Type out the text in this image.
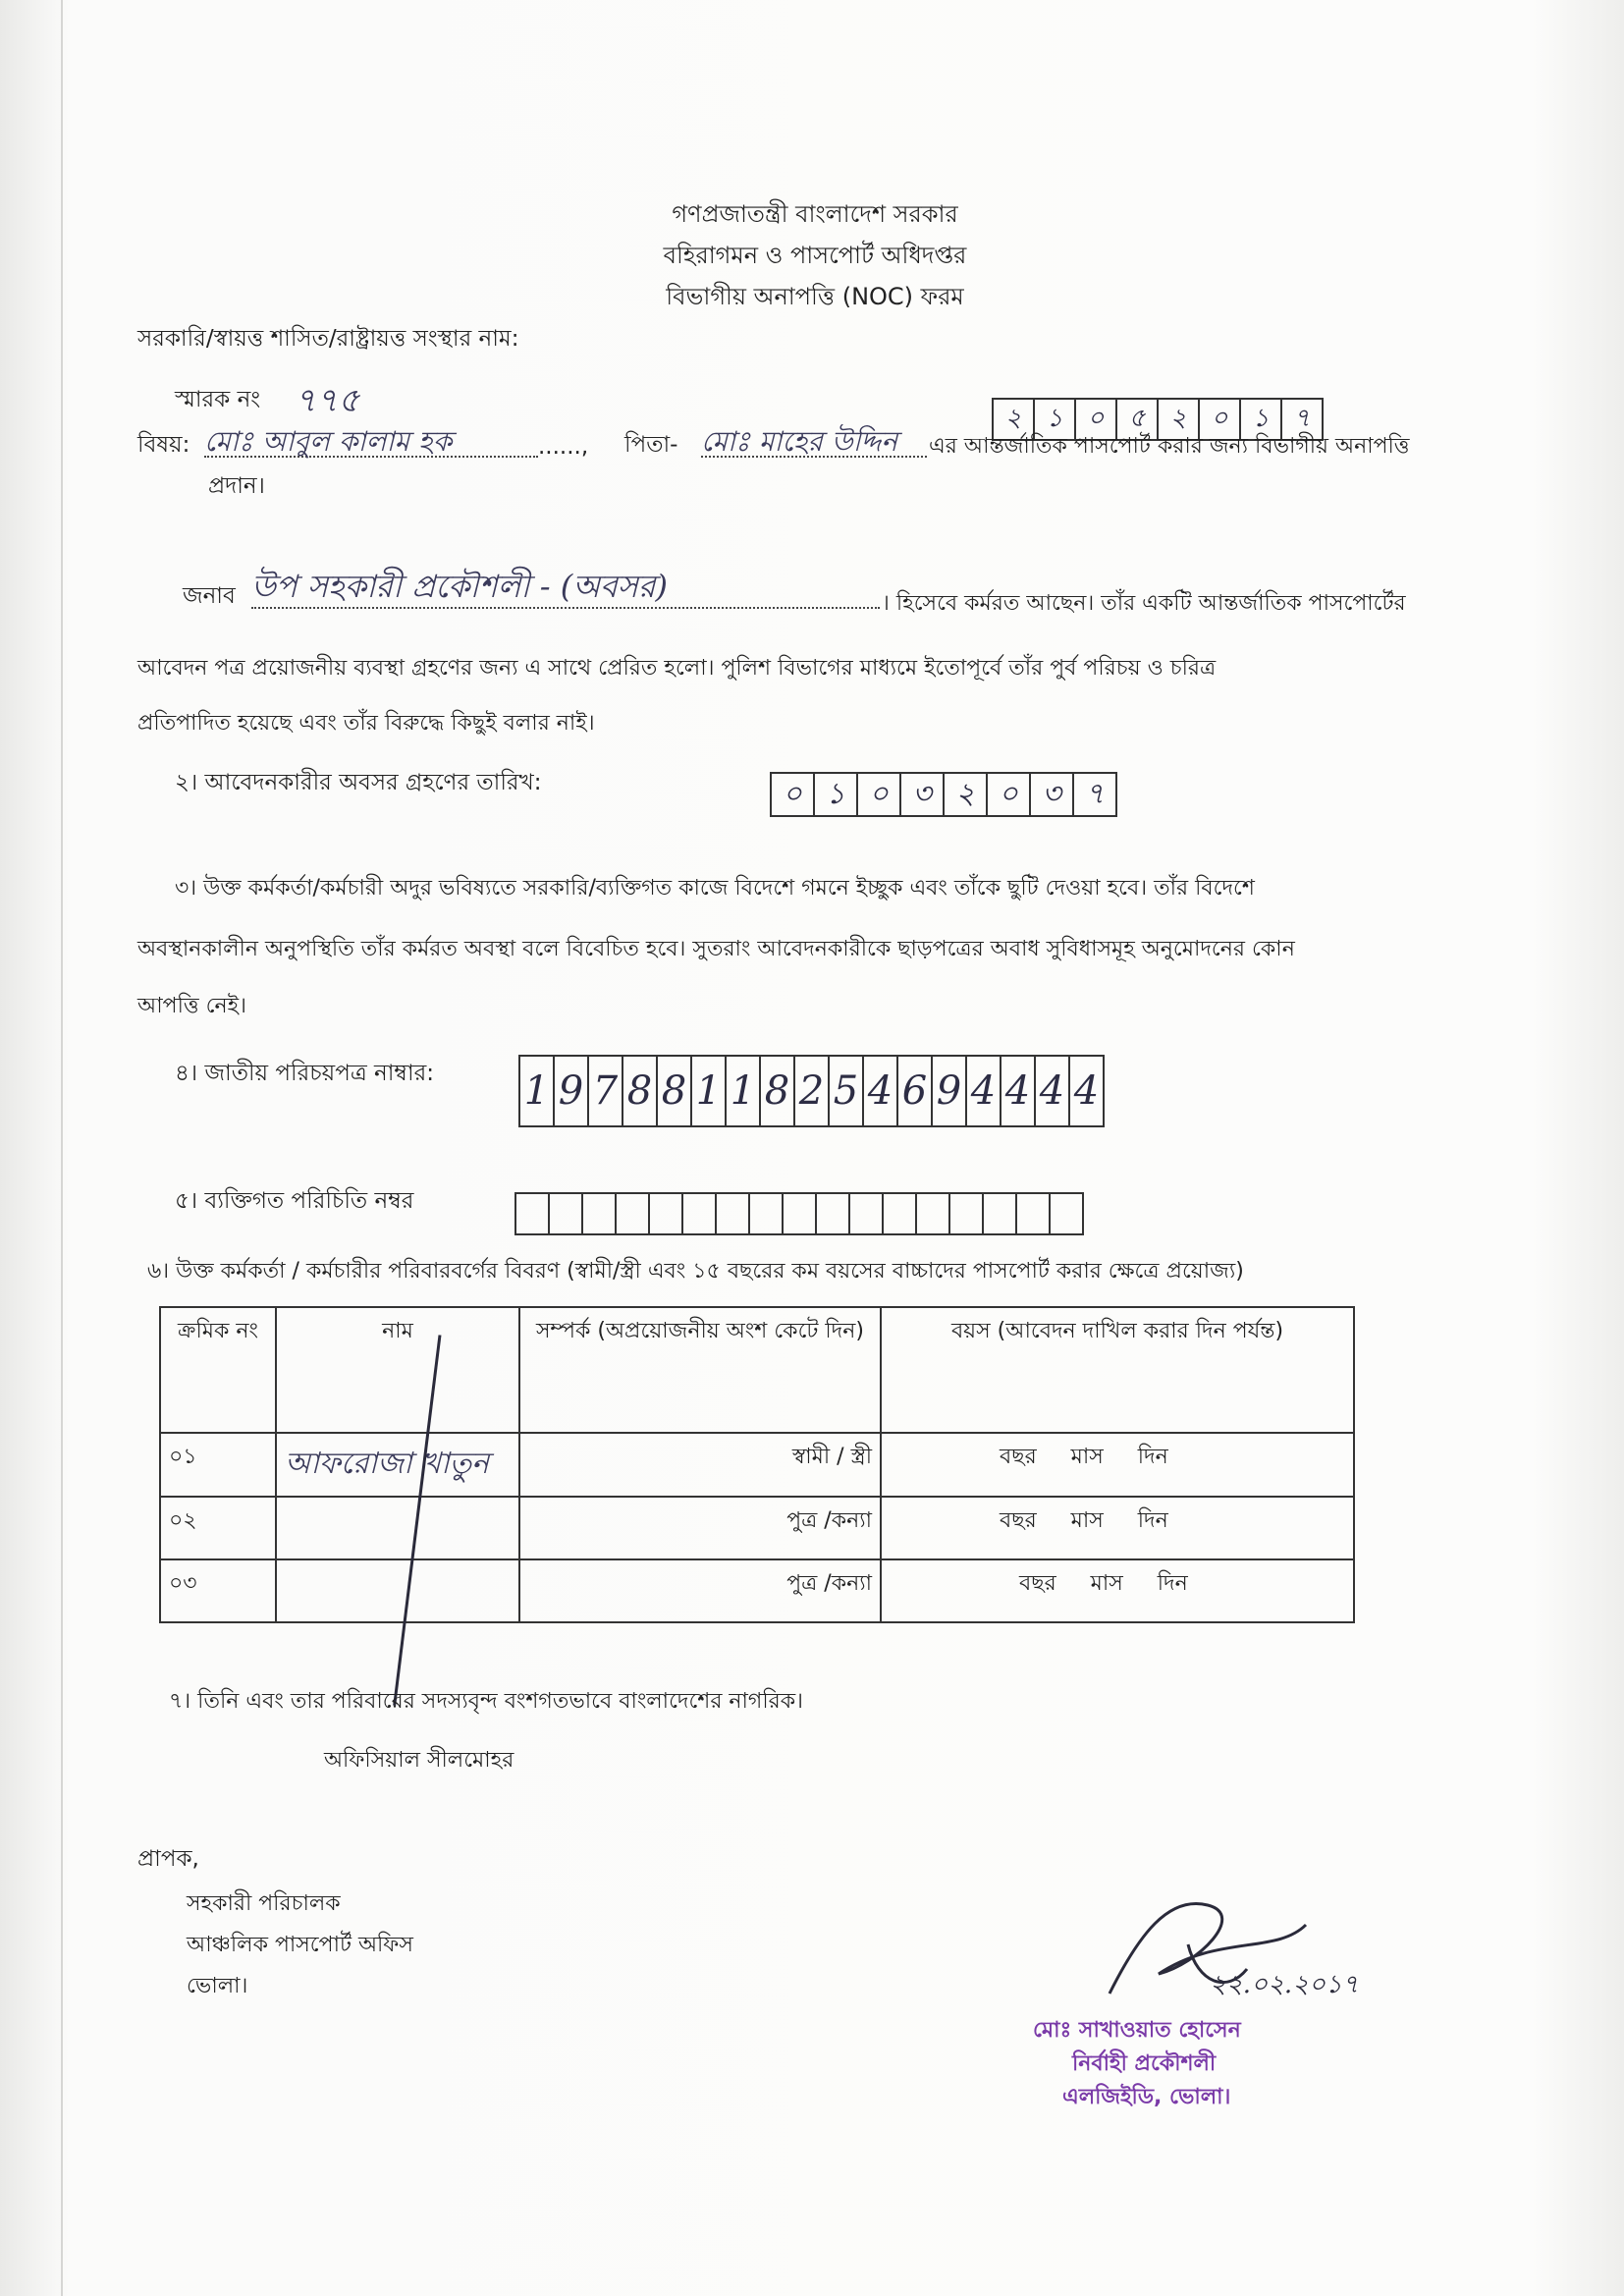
গণপ্রজাতন্ত্রী বাংলাদেশ সরকার
বহিরাগমন ও পাসপোর্ট অধিদপ্তর
বিভাগীয় অনাপত্তি (NOC) ফরম
সরকারি/স্বায়ত্ত শাসিত/রাষ্ট্রায়ত্ত সংস্থার নাম:
স্মারক নং ৭৭৫	২ ১ ০ ৫ ২ ০ ১ ৭
বিষয়: মোঃ আবুল কালাম হক	......, পিতা- মোঃ মাহের উদ্দিন	এর আন্তর্জাতিক পাসপোর্ট করার জন্য বিভাগীয় অনাপত্তি
প্রদান।
জনাব উপ সহকারী প্রকৌশলী - (অবসর)	। হিসেবে কর্মরত আছেন। তাঁর একটি আন্তর্জাতিক পাসপোর্টের
আবেদন পত্র প্রয়োজনীয় ব্যবস্থা গ্রহণের জন্য এ সাথে প্রেরিত হলো। পুলিশ বিভাগের মাধ্যমে ইতোপূর্বে তাঁর পুর্ব পরিচয় ও চরিত্র
প্রতিপাদিত হয়েছে এবং তাঁর বিরুদ্ধে কিছুই বলার নাই।
২। আবেদনকারীর অবসর গ্রহণের তারিখ:	০ ১ ০ ৩ ২ ০ ৩ ৭
৩। উক্ত কর্মকর্তা/কর্মচারী অদুর ভবিষ্যতে সরকারি/ব্যক্তিগত কাজে বিদেশে গমনে ইচ্ছুক এবং তাঁকে ছুটি দেওয়া হবে। তাঁর বিদেশে
অবস্থানকালীন অনুপস্থিতি তাঁর কর্মরত অবস্থা বলে বিবেচিত হবে। সুতরাং আবেদনকারীকে ছাড়পত্রের অবাধ সুবিধাসমূহ অনুমোদনের কোন
আপত্তি নেই।
৪। জাতীয় পরিচয়পত্র নাম্বার: 1 9 7 8 8 1 1 8 2 5 4 6 9 4 4 4 4
৫। ব্যক্তিগত পরিচিতি নম্বর
৬। উক্ত কর্মকর্তা / কর্মচারীর পরিবারবর্গের বিবরণ (স্বামী/স্ত্রী এবং ১৫ বছরের কম বয়সের বাচ্চাদের পাসপোর্ট করার ক্ষেত্রে প্রয়োজ্য)
ক্রমিক নং	নাম	সম্পর্ক (অপ্রয়োজনীয় অংশ কেটে দিন)	বয়স (আবেদন দাখিল করার দিন পর্যন্ত)
০১	আফরোজা খাতুন	স্বামী / স্ত্রী	বছর মাস দিন
০২		পুত্র /কন্যা	বছর মাস দিন
০৩		পুত্র /কন্যা	বছর মাস দিন
৭। তিনি এবং তার পরিবারের সদস্যবৃন্দ বংশগতভাবে বাংলাদেশের নাগরিক।
অফিসিয়াল সীলমোহর
প্রাপক,
সহকারী পরিচালক
আঞ্চলিক পাসপোর্ট অফিস
ভোলা।	২২.০২.২০১৭
মোঃ সাখাওয়াত হোসেন
নির্বাহী প্রকৌশলী
এলজিইডি, ভোলা।
